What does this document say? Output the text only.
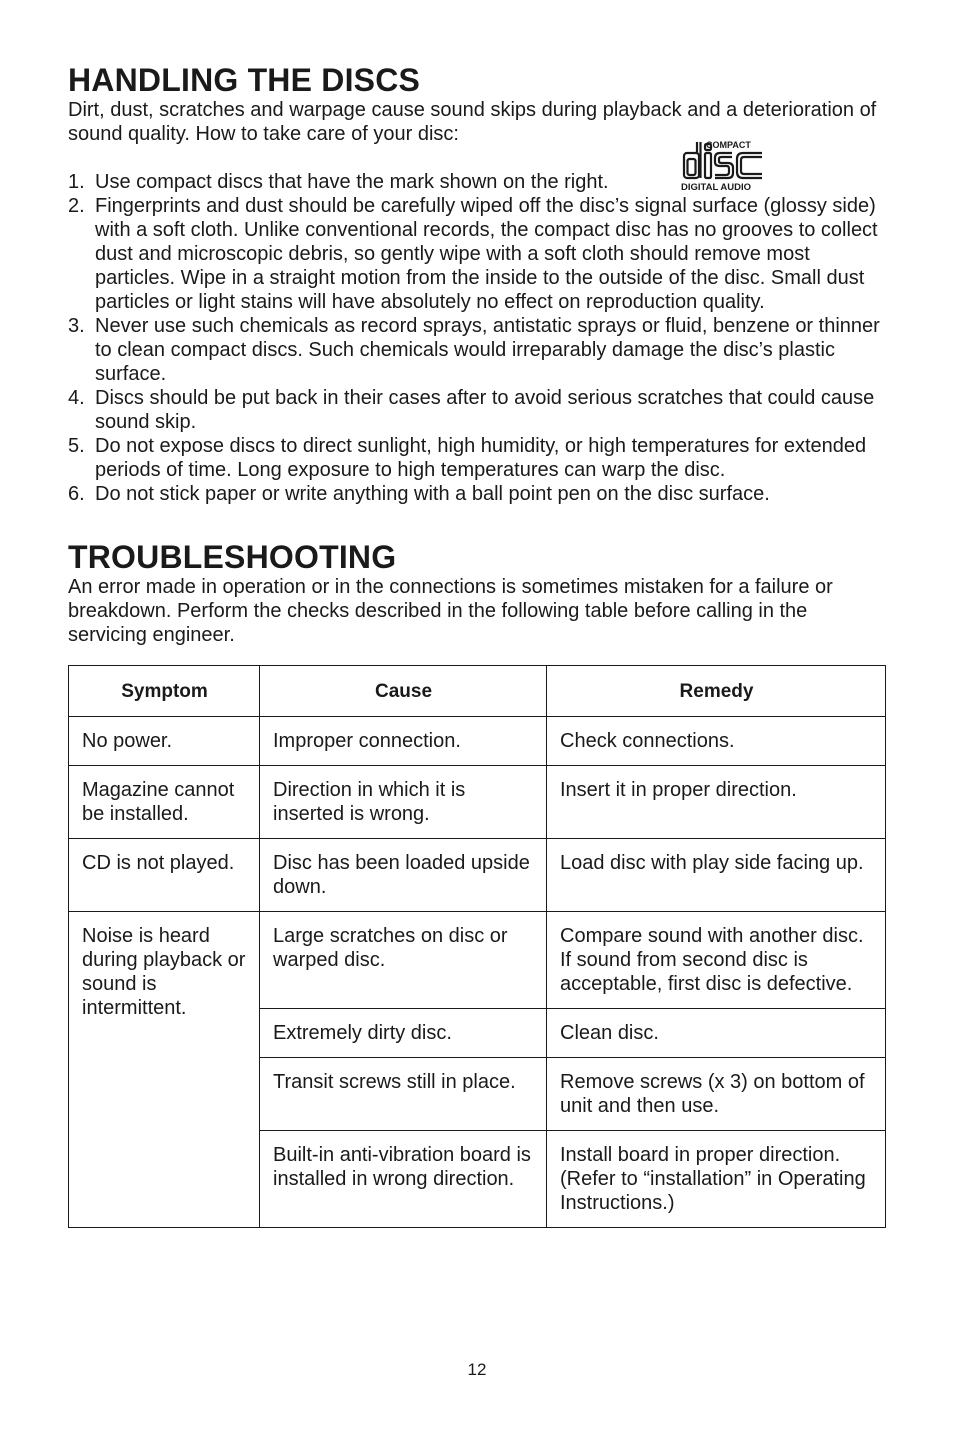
HANDLING THE DISCS

Dirt, dust, scratches and warpage cause sound skips during playback and a deterioration of sound quality. How to take care of your disc:	COMPACT
DIGITAL AUDIO
1. Use compact discs that have the mark shown on the right.
2. Fingerprints and dust should be carefully wiped off the disc’s signal surface (glossy side) with a soft cloth. Unlike conventional records, the compact disc has no grooves to collect dust and microscopic debris, so gently wipe with a soft cloth should remove most particles. Wipe in a straight motion from the inside to the outside of the disc. Small dust particles or light stains will have absolutely no effect on reproduction quality.
3. Never use such chemicals as record sprays, antistatic sprays or fluid, benzene or thinner to clean compact discs. Such chemicals would irreparably damage the disc’s plastic surface.
4. Discs should be put back in their cases after to avoid serious scratches that could cause sound skip.
5. Do not expose discs to direct sunlight, high humidity, or high temperatures for extended periods of time. Long exposure to high temperatures can warp the disc.
6. Do not stick paper or write anything with a ball point pen on the disc surface.
TROUBLESHOOTING

An error made in operation or in the connections is sometimes mistaken for a failure or breakdown. Perform the checks described in the following table before calling in the servicing engineer.

Symptom	Cause	Remedy
No power.	Improper connection.	Check connections.
Magazine cannot be installed.	Direction in which it is inserted is wrong.	Insert it in proper direction.
CD is not played.	Disc has been loaded upside down.	Load disc with play side facing up.
Noise is heard during playback or sound is intermittent.	Large scratches on disc or warped disc.	Compare sound with another disc. If sound from second disc is acceptable, first disc is defective.
	Extremely dirty disc.	Clean disc.
	Transit screws still in place.	Remove screws (x 3) on bottom of unit and then use.
	Built-in anti-vibration board is installed in wrong direction.	Install board in proper direction. (Refer to “installation” in Operating Instructions.)
12
